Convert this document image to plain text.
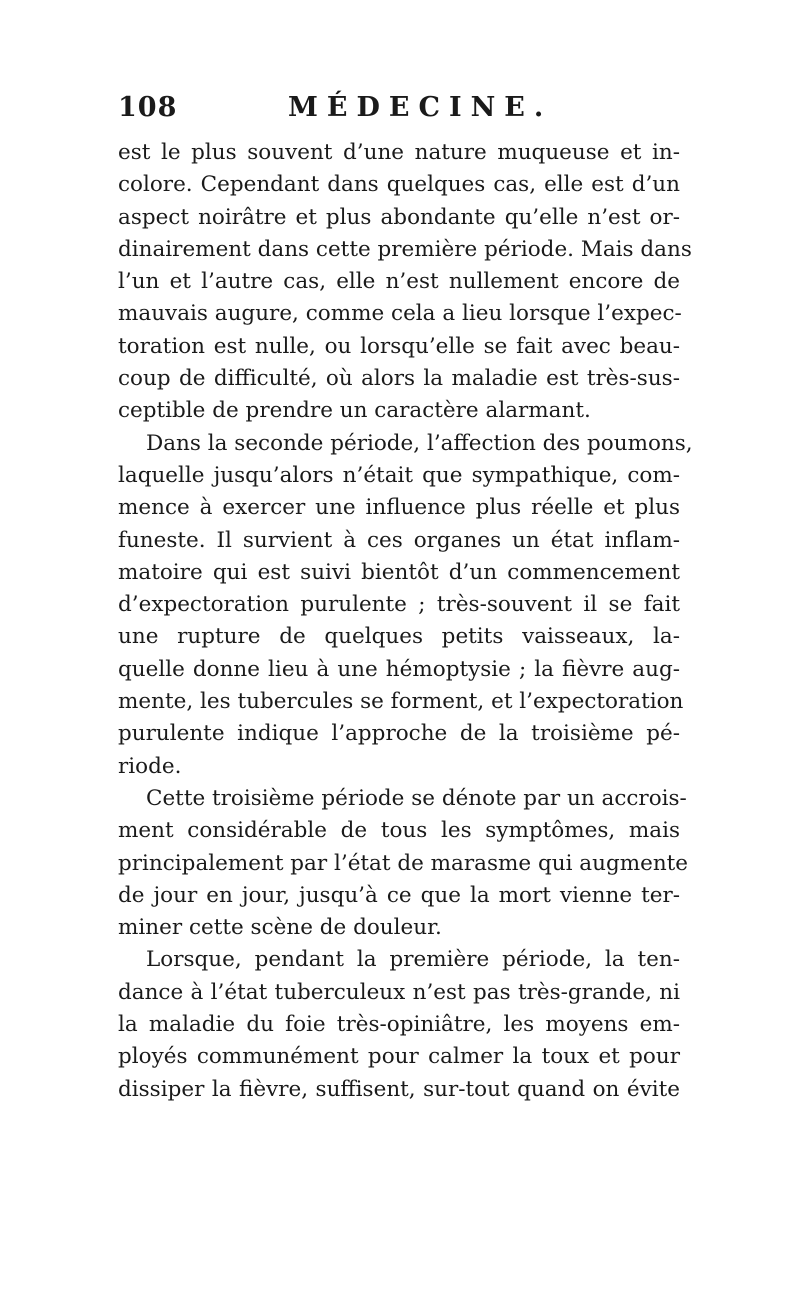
108	MÉDECINE.
est le plus souvent d’une nature muqueuse et in-
colore. Cependant dans quelques cas, elle est d’un
aspect noirâtre et plus abondante qu’elle n’est or-
dinairement dans cette première période. Mais dans
l’un et l’autre cas, elle n’est nullement encore de
mauvais augure, comme cela a lieu lorsque l’expec-
toration est nulle, ou lorsqu’elle se fait avec beau-
coup de difficulté, où alors la maladie est très-sus-
ceptible de prendre un caractère alarmant.
Dans la seconde période, l’affection des poumons,
laquelle jusqu’alors n’était que sympathique, com-
mence à exercer une influence plus réelle et plus
funeste. Il survient à ces organes un état inflam-
matoire qui est suivi bientôt d’un commencement
d’expectoration purulente ; très-souvent il se fait
une rupture de quelques petits vaisseaux, la-
quelle donne lieu à une hémoptysie ; la fièvre aug-
mente, les tubercules se forment, et l’expectoration
purulente indique l’approche de la troisième pé-
riode.
Cette troisième période se dénote par un accrois-
ment considérable de tous les symptômes, mais
principalement par l’état de marasme qui augmente
de jour en jour, jusqu’à ce que la mort vienne ter-
miner cette scène de douleur.
Lorsque, pendant la première période, la ten-
dance à l’état tuberculeux n’est pas très-grande, ni
la maladie du foie très-opiniâtre, les moyens em-
ployés communément pour calmer la toux et pour
dissiper la fièvre, suffisent, sur-tout quand on évite
